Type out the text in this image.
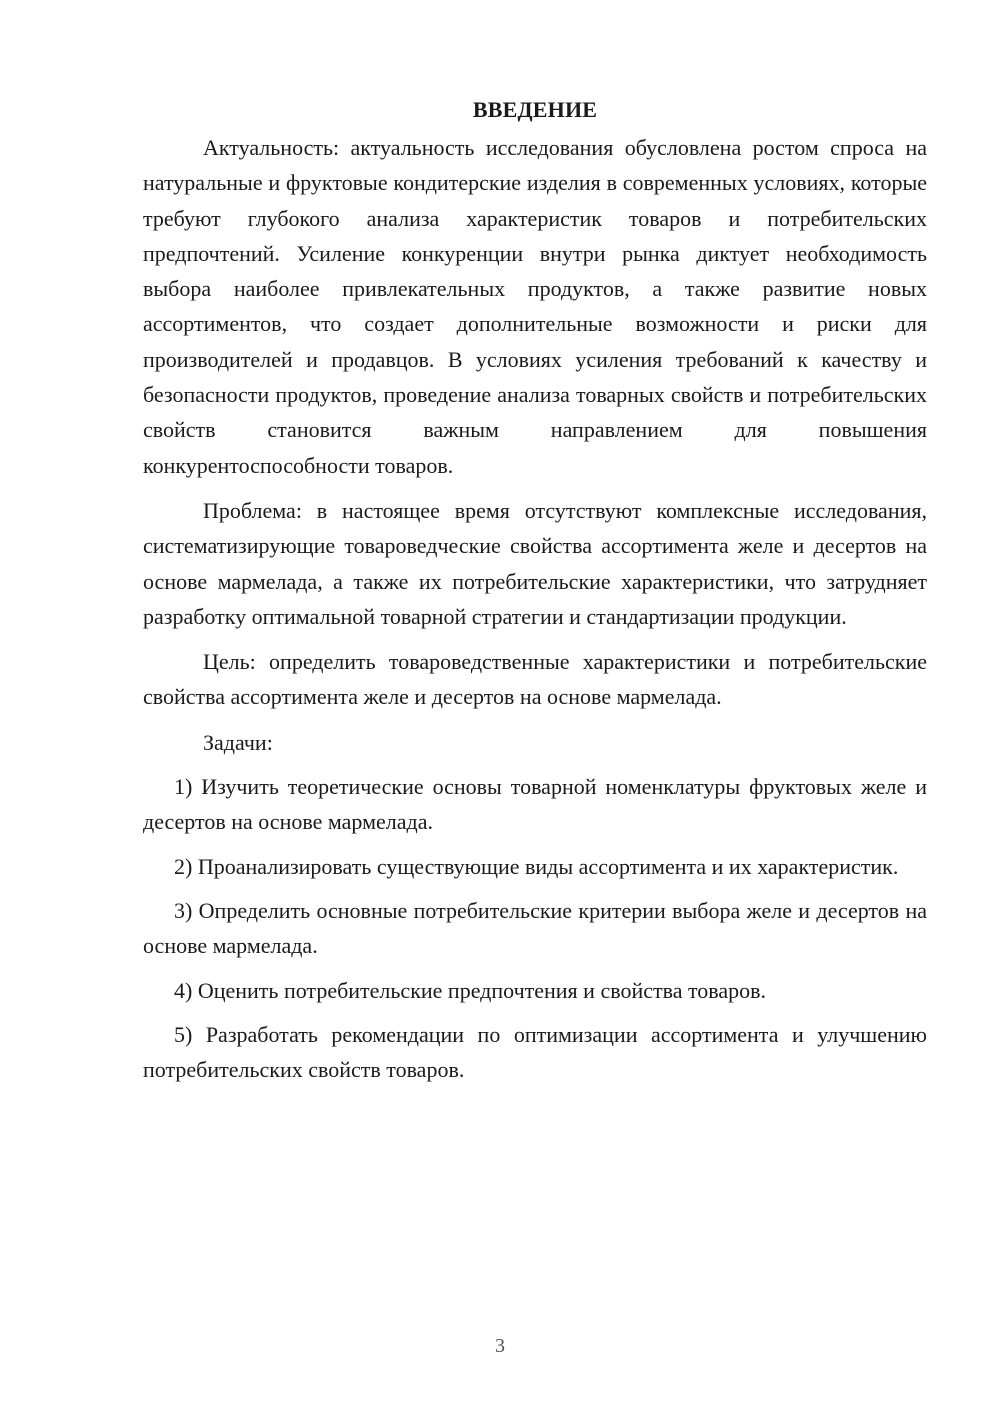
ВВЕДЕНИЕ

Актуальность: актуальность исследования обусловлена ростом спроса на натуральные и фруктовые кондитерские изделия в современных условиях, которые требуют глубокого анализа характеристик товаров и потребительских предпочтений. Усиление конкуренции внутри рынка диктует необходимость выбора наиболее привлекательных продуктов, а также развитие новых ассортиментов, что создает дополнительные возможности и риски для производителей и продавцов. В условиях усиления требований к качеству и безопасности продуктов, проведение анализа товарных свойств и потребительских свойств становится важным направлением для повышения конкурентоспособности товаров.

Проблема: в настоящее время отсутствуют комплексные исследования, систематизирующие товароведческие свойства ассортимента желе и десертов на основе мармелада, а также их потребительские характеристики, что затрудняет разработку оптимальной товарной стратегии и стандартизации продукции.

Цель: определить товароведственные характеристики и потребительские свойства ассортимента желе и десертов на основе мармелада.

Задачи:

1) Изучить теоретические основы товарной номенклатуры фруктовых желе и десертов на основе мармелада.

2) Проанализировать существующие виды ассортимента и их характеристик.

3) Определить основные потребительские критерии выбора желе и десертов на основе мармелада.

4) Оценить потребительские предпочтения и свойства товаров.

5) Разработать рекомендации по оптимизации ассортимента и улучшению потребительских свойств товаров.

3
